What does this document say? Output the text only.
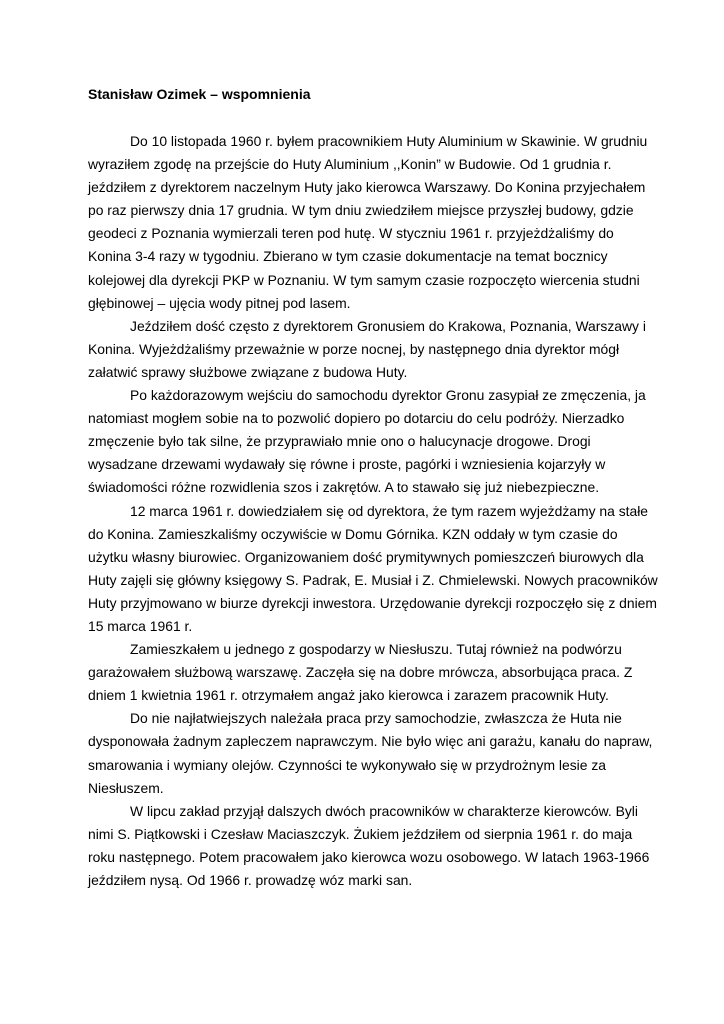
Stanisław Ozimek – wspomnienia

Do 10 listopada 1960 r. byłem pracownikiem Huty Aluminium w Skawinie. W grudniu
wyraziłem zgodę na przejście do Huty Aluminium ,,Konin” w Budowie. Od 1 grudnia r.
jeździłem z dyrektorem naczelnym Huty jako kierowca Warszawy. Do Konina przyjechałem
po raz pierwszy dnia 17 grudnia. W tym dniu zwiedziłem miejsce przyszłej budowy, gdzie
geodeci z Poznania wymierzali teren pod hutę. W styczniu 1961 r. przyjeżdżaliśmy do
Konina 3-4 razy w tygodniu. Zbierano w tym czasie dokumentacje na temat bocznicy
kolejowej dla dyrekcji PKP w Poznaniu. W tym samym czasie rozpoczęto wiercenia studni
głębinowej – ujęcia wody pitnej pod lasem.

Jeździłem dość często z dyrektorem Gronusiem do Krakowa, Poznania, Warszawy i
Konina. Wyjeżdżaliśmy przeważnie w porze nocnej, by następnego dnia dyrektor mógł
załatwić sprawy służbowe związane z budowa Huty.

Po każdorazowym wejściu do samochodu dyrektor Gronu zasypiał ze zmęczenia, ja
natomiast mogłem sobie na to pozwolić dopiero po dotarciu do celu podróży. Nierzadko
zmęczenie było tak silne, że przyprawiało mnie ono o halucynacje drogowe. Drogi
wysadzane drzewami wydawały się równe i proste, pagórki i wzniesienia kojarzyły w
świadomości różne rozwidlenia szos i zakrętów. A to stawało się już niebezpieczne.

12 marca 1961 r. dowiedziałem się od dyrektora, że tym razem wyjeżdżamy na stałe
do Konina. Zamieszkaliśmy oczywiście w Domu Górnika. KZN oddały w tym czasie do
użytku własny biurowiec. Organizowaniem dość prymitywnych pomieszczeń biurowych dla
Huty zajęli się główny księgowy S. Padrak, E. Musiał i Z. Chmielewski. Nowych pracowników
Huty przyjmowano w biurze dyrekcji inwestora. Urzędowanie dyrekcji rozpoczęło się z dniem
15 marca 1961 r.

Zamieszkałem u jednego z gospodarzy w Niesłuszu. Tutaj również na podwórzu
garażowałem służbową warszawę. Zaczęła się na dobre mrówcza, absorbująca praca. Z
dniem 1 kwietnia 1961 r. otrzymałem angaż jako kierowca i zarazem pracownik Huty.

Do nie najłatwiejszych należała praca przy samochodzie, zwłaszcza że Huta nie
dysponowała żadnym zapleczem naprawczym. Nie było więc ani garażu, kanału do napraw,
smarowania i wymiany olejów. Czynności te wykonywało się w przydrożnym lesie za
Niesłuszem.

W lipcu zakład przyjął dalszych dwóch pracowników w charakterze kierowców. Byli
nimi S. Piątkowski i Czesław Maciaszczyk. Żukiem jeździłem od sierpnia 1961 r. do maja
roku następnego. Potem pracowałem jako kierowca wozu osobowego. W latach 1963-1966
jeździłem nysą. Od 1966 r. prowadzę wóz marki san.
